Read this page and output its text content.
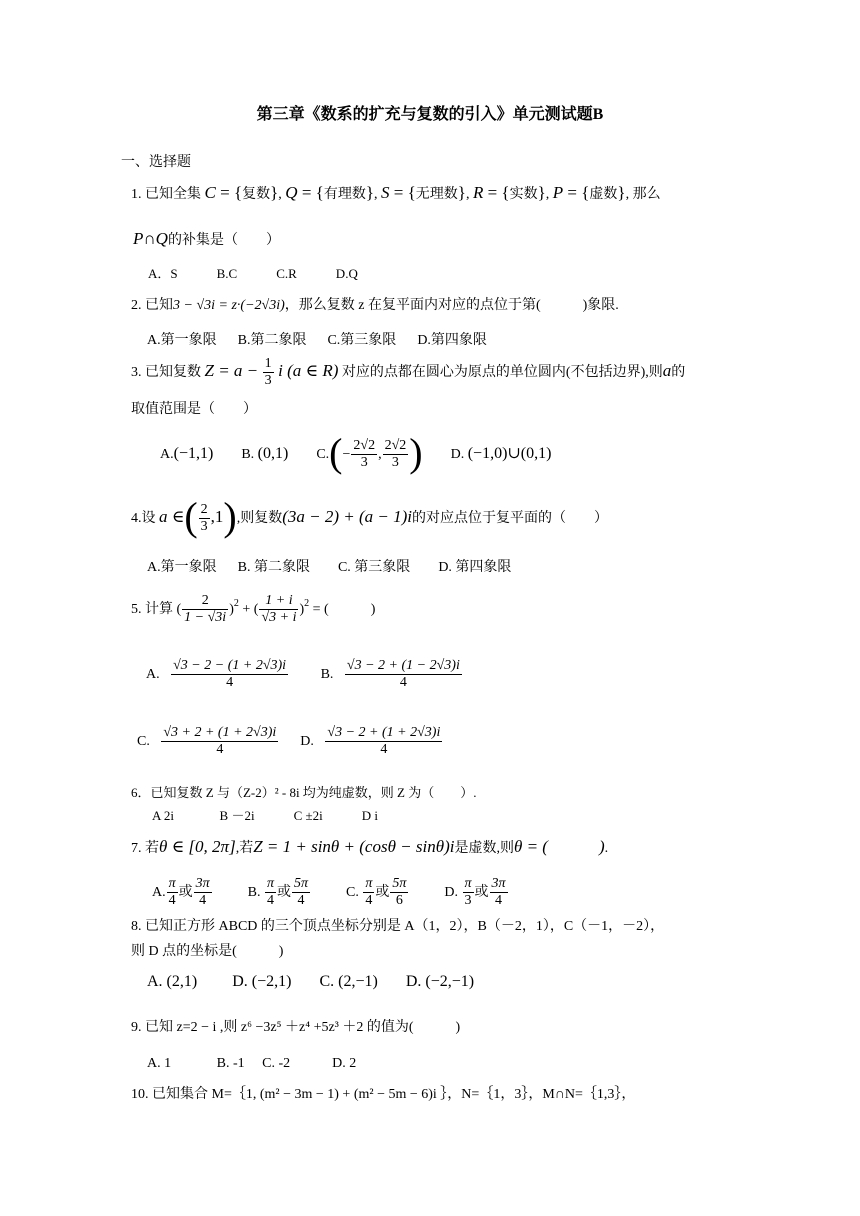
第三章《数系的扩充与复数的引入》单元测试题B
一、选择题
1. 已知全集 C = {复数}, Q = {有理数}, S = {无理数}, R = {实数}, P = {虚数}, 那么
P∩Q的补集是（　　）
A．S　　　B.C　　　C.R　　　D.Q
2. 已知3 − √3i = z·(−2√3i)，那么复数 z 在复平面内对应的点位于第(　　　)象限.
A.第一象限 B.第二象限 C.第三象限 D.第四象限
3. 已知复数 $Z = a - \frac{1}{3}$ i (a ∈ R) 对应的点都在圆心为原点的单位圆内(不包括边界),则a的
取值范围是（　　）
A.(−1,1) B. (0,1) $C.(- \frac{2√2}{3}$ , $\frac{2√2}{3}$ ) D. (−1,0)∪(0,1)
4.设 a ∈( $\frac{2}{3} ,1$),则复数(3a − 2) + (a − 1)i的对应点位于复平面的（　　）
A.第一象限 B. 第二象限 C. 第三象限 D. 第四象限
5. 计算 ( $\frac{2}{1 - √3i} )^2$ + ( $\frac{1 + i}{√3 + i} )^2$ = (　　　)
A. $\frac{√3 - 2 - (1 + 2√3)i}{4} B$. $\frac{√3 - 2 + (1 - 2√3)i}{4}$
C. $\frac{√3 + 2 + (1 + 2√3)i}{4} D$. $\frac{√3 - 2 + (1 + 2√3)i}{4}$
6．已知复数 Z 与（Z-2）² - 8i 均为纯虚数，则 Z 为（　　）.
A 2i	B －2i	C ±2i	D i
7. 若θ ∈ [0, 2π],若Z = 1 + sinθ + (cosθ − sinθ)i是虚数,则θ = (　　　).
A. $\frac{\pi}{4}$ 或 $\frac{3\pi}{4}$	B. $\frac{\pi}{4}$ 或 $\frac{5\pi}{4}$	C. $\frac{\pi}{4}$ 或 $\frac{5\pi}{6}$	D. $\frac{\pi}{3}$ 或 $\frac{3\pi}{4}$
8. 已知正方形 ABCD 的三个顶点坐标分别是 A（1，2），B（－2，1），C（－1，－2），
则 D 点的坐标是(　　　)
A. (2,1) D. (−2,1) C. (2,−1) D. (−2,−1)
9. 已知 z=2 − i ,则 z⁶ −3z⁵ ＋z⁴ +5z³ ＋2 的值为(　　　)
A. 1	B. -1 C. -2	D. 2
10. 已知集合 M=｛1, (m² − 3m − 1) + (m² − 5m − 6)i ｝，N=｛1，3｝，M∩N=｛1,3｝，
